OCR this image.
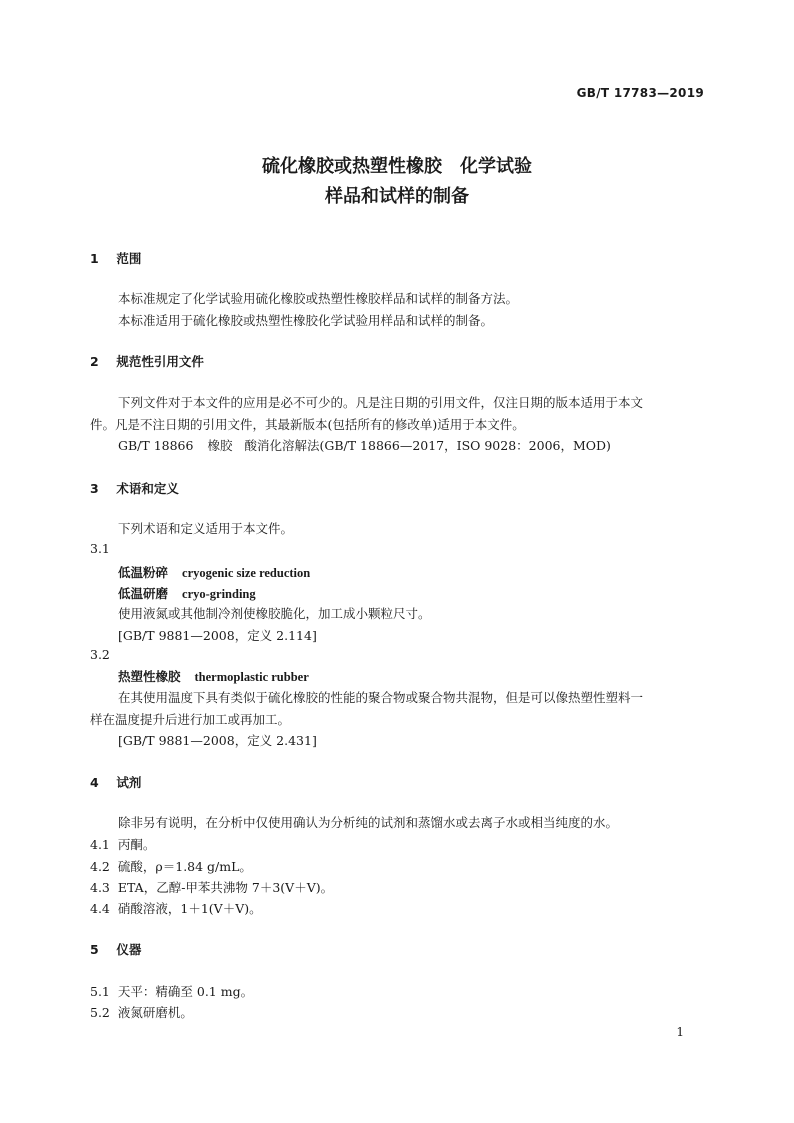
GB/T 17783—2019
硫化橡胶或热塑性橡胶　化学试验
样品和试样的制备
1 范围
本标准规定了化学试验用硫化橡胶或热塑性橡胶样品和试样的制备方法。
本标准适用于硫化橡胶或热塑性橡胶化学试验用样品和试样的制备。
2 规范性引用文件
下列文件对于本文件的应用是必不可少的。凡是注日期的引用文件，仅注日期的版本适用于本文
件。凡是不注日期的引用文件，其最新版本(包括所有的修改单)适用于本文件。
GB/T 18866 橡胶 酸消化溶解法(GB/T 18866—2017，ISO 9028：2006，MOD)
3 术语和定义
下列术语和定义适用于本文件。
3.1
低温粉碎 cryogenic size reduction
低温研磨 cryo-grinding
使用液氮或其他制冷剂使橡胶脆化，加工成小颗粒尺寸。
[GB/T 9881—2008，定义 2.114]
3.2
热塑性橡胶 thermoplastic rubber
在其使用温度下具有类似于硫化橡胶的性能的聚合物或聚合物共混物，但是可以像热塑性塑料一
样在温度提升后进行加工或再加工。
[GB/T 9881—2008，定义 2.431]
4 试剂
除非另有说明，在分析中仅使用确认为分析纯的试剂和蒸馏水或去离子水或相当纯度的水。
4.1 丙酮。
4.2 硫酸，ρ＝1.84 g/mL。
4.3 ETA，乙醇-甲苯共沸物 7＋3(V＋V)。
4.4 硝酸溶液，1＋1(V＋V)。
5 仪器
5.1 天平：精确至 0.1 mg。
5.2 液氮研磨机。
1
